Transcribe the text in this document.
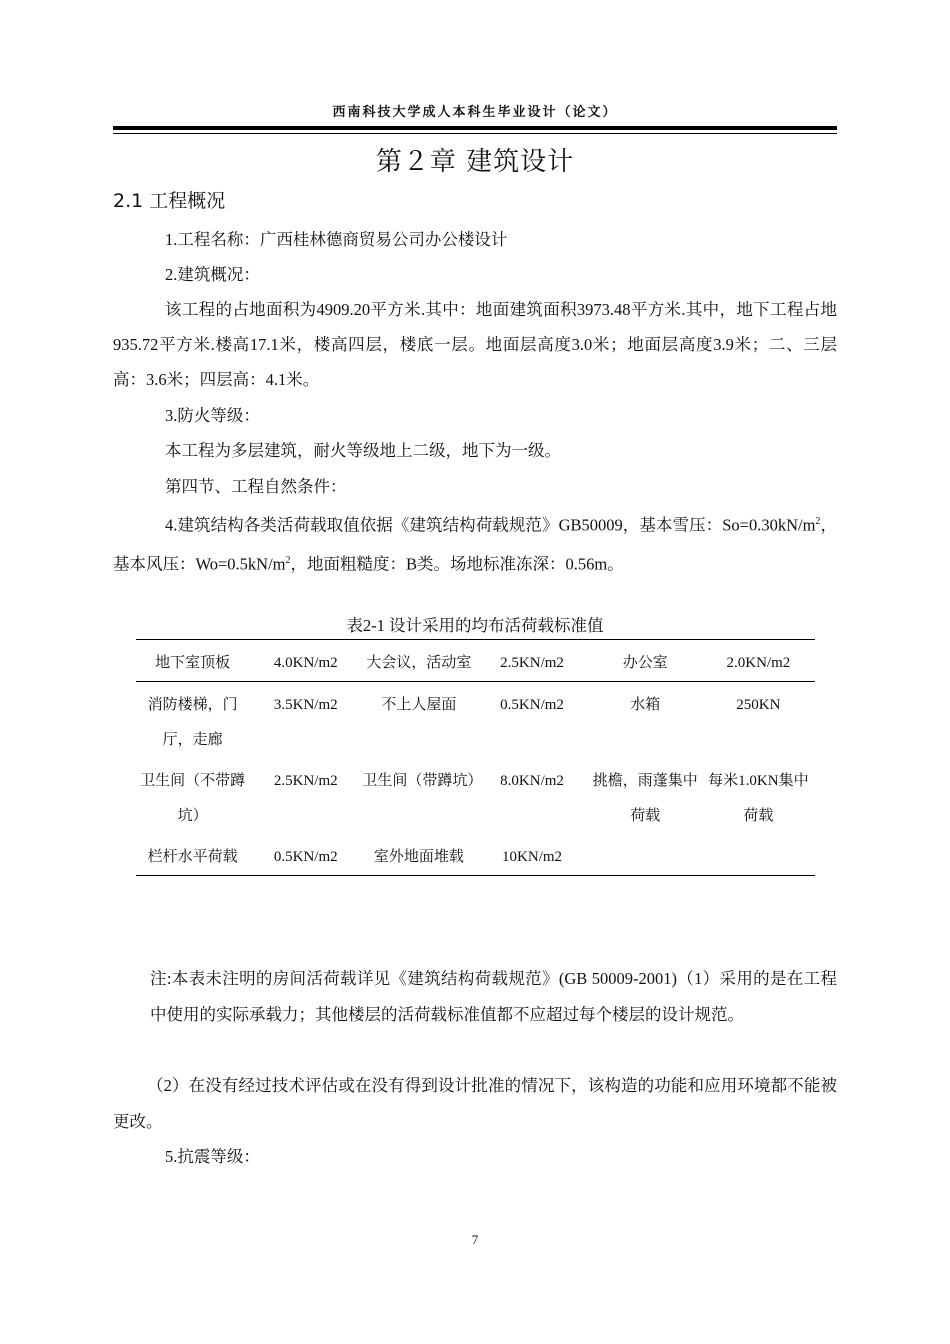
西南科技大学成人本科生毕业设计（论文）
第２章 建筑设计
2.1 工程概况
1.工程名称：广西桂林德商贸易公司办公楼设计
2.建筑概况：
该工程的占地面积为4909.20平方米.其中：地面建筑面积3973.48平方米.其中，地下工程占地935.72平方米.楼高17.1米，楼高四层，楼底一层。地面层高度3.0米；地面层高度3.9米；二、三层高：3.6米；四层高：4.1米。
3.防火等级：
本工程为多层建筑，耐火等级地上二级，地下为一级。
第四节、工程自然条件：
4.建筑结构各类活荷载取值依据《建筑结构荷载规范》GB50009，基本雪压：$So=0.30kN/m^2$，基本风压：$Wo=0.5kN/m^2$，地面粗糙度：B类。场地标准冻深：0.56m。
表2-1 设计采用的均布活荷载标准值
地下室顶板	4.0KN/m2	大会议，活动室	2.5KN/m2	办公室	2.0KN/m2
消防楼梯，门厅，走廊	3.5KN/m2	不上人屋面	0.5KN/m2	水箱	250KN
卫生间（不带蹲坑）	2.5KN/m2	卫生间（带蹲坑）	8.0KN/m2	挑檐，雨蓬集中荷载	每米1.0KN集中荷载
栏杆水平荷载	0.5KN/m2	室外地面堆载	10KN/m2		
注:本表未注明的房间活荷载详见《建筑结构荷载规范》(GB 50009-2001)（1）采用的是在工程中使用的实际承载力；其他楼层的活荷载标准值都不应超过每个楼层的设计规范。
（2）在没有经过技术评估或在没有得到设计批准的情况下，该构造的功能和应用环境都不能被更改。
5.抗震等级：
7
